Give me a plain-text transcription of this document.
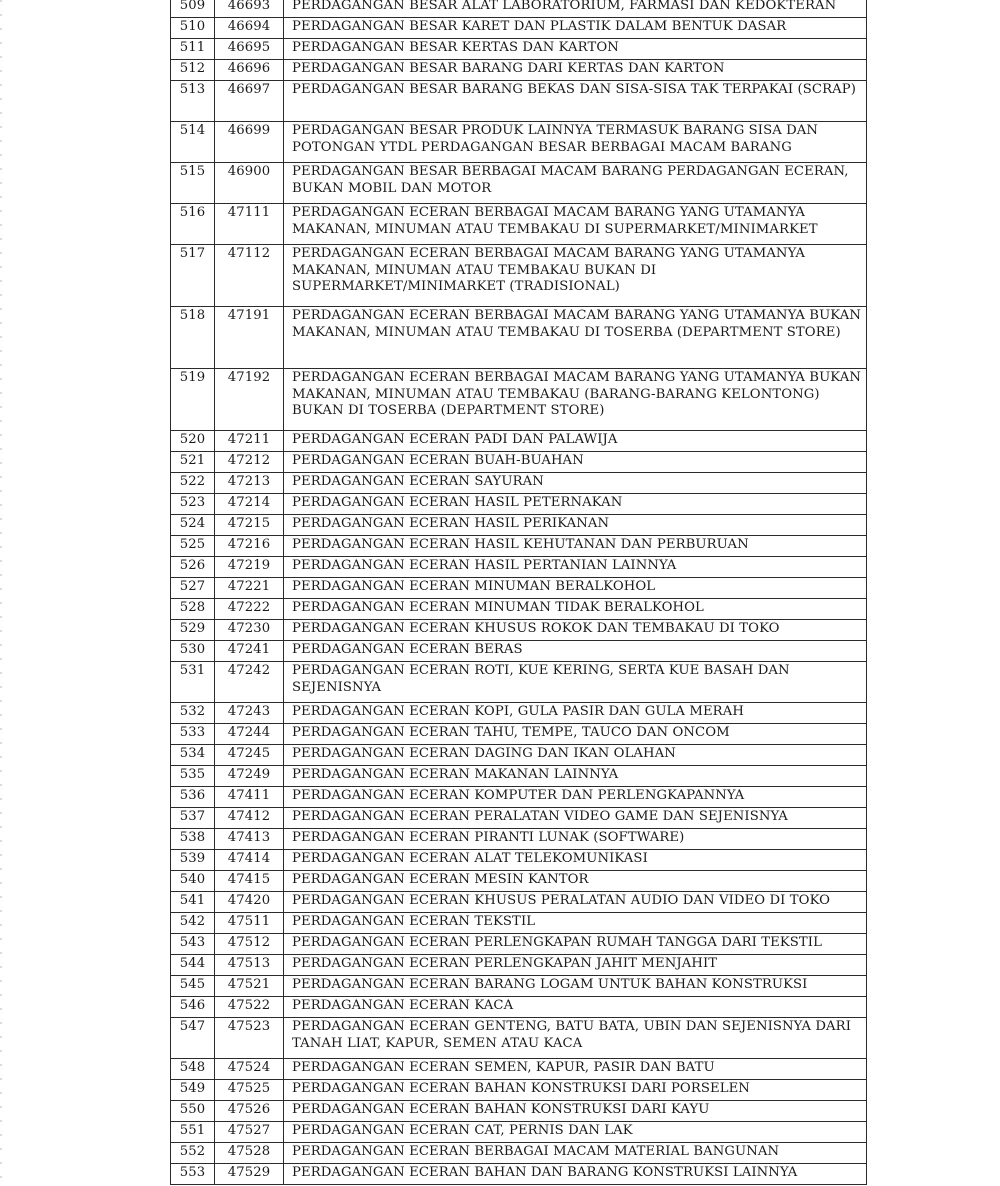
509	46693	PERDAGANGAN BESAR ALAT LABORATORIUM, FARMASI DAN KEDOKTERAN
510	46694	PERDAGANGAN BESAR KARET DAN PLASTIK DALAM BENTUK DASAR
511	46695	PERDAGANGAN BESAR KERTAS DAN KARTON
512	46696	PERDAGANGAN BESAR BARANG DARI KERTAS DAN KARTON
513	46697	PERDAGANGAN BESAR BARANG BEKAS DAN SISA-SISA TAK TERPAKAI (SCRAP)
514	46699	PERDAGANGAN BESAR PRODUK LAINNYA TERMASUK BARANG SISA DAN POTONGAN YTDL PERDAGANGAN BESAR BERBAGAI MACAM BARANG
515	46900	PERDAGANGAN BESAR BERBAGAI MACAM BARANG PERDAGANGAN ECERAN, BUKAN MOBIL DAN MOTOR
516	47111	PERDAGANGAN ECERAN BERBAGAI MACAM BARANG YANG UTAMANYA MAKANAN, MINUMAN ATAU TEMBAKAU DI SUPERMARKET/MINIMARKET
517	47112	PERDAGANGAN ECERAN BERBAGAI MACAM BARANG YANG UTAMANYA MAKANAN, MINUMAN ATAU TEMBAKAU BUKAN DI SUPERMARKET/MINIMARKET (TRADISIONAL)
518	47191	PERDAGANGAN ECERAN BERBAGAI MACAM BARANG YANG UTAMANYA BUKAN MAKANAN, MINUMAN ATAU TEMBAKAU DI TOSERBA (DEPARTMENT STORE)
519	47192	PERDAGANGAN ECERAN BERBAGAI MACAM BARANG YANG UTAMANYA BUKAN MAKANAN, MINUMAN ATAU TEMBAKAU (BARANG-BARANG KELONTONG) BUKAN DI TOSERBA (DEPARTMENT STORE)
520	47211	PERDAGANGAN ECERAN PADI DAN PALAWIJA
521	47212	PERDAGANGAN ECERAN BUAH-BUAHAN
522	47213	PERDAGANGAN ECERAN SAYURAN
523	47214	PERDAGANGAN ECERAN HASIL PETERNAKAN
524	47215	PERDAGANGAN ECERAN HASIL PERIKANAN
525	47216	PERDAGANGAN ECERAN HASIL KEHUTANAN DAN PERBURUAN
526	47219	PERDAGANGAN ECERAN HASIL PERTANIAN LAINNYA
527	47221	PERDAGANGAN ECERAN MINUMAN BERALKOHOL
528	47222	PERDAGANGAN ECERAN MINUMAN TIDAK BERALKOHOL
529	47230	PERDAGANGAN ECERAN KHUSUS ROKOK DAN TEMBAKAU DI TOKO
530	47241	PERDAGANGAN ECERAN BERAS
531	47242	PERDAGANGAN ECERAN ROTI, KUE KERING, SERTA KUE BASAH DAN SEJENISNYA
532	47243	PERDAGANGAN ECERAN KOPI, GULA PASIR DAN GULA MERAH
533	47244	PERDAGANGAN ECERAN TAHU, TEMPE, TAUCO DAN ONCOM
534	47245	PERDAGANGAN ECERAN DAGING DAN IKAN OLAHAN
535	47249	PERDAGANGAN ECERAN MAKANAN LAINNYA
536	47411	PERDAGANGAN ECERAN KOMPUTER DAN PERLENGKAPANNYA
537	47412	PERDAGANGAN ECERAN PERALATAN VIDEO GAME DAN SEJENISNYA
538	47413	PERDAGANGAN ECERAN PIRANTI LUNAK (SOFTWARE)
539	47414	PERDAGANGAN ECERAN ALAT TELEKOMUNIKASI
540	47415	PERDAGANGAN ECERAN MESIN KANTOR
541	47420	PERDAGANGAN ECERAN KHUSUS PERALATAN AUDIO DAN VIDEO DI TOKO
542	47511	PERDAGANGAN ECERAN TEKSTIL
543	47512	PERDAGANGAN ECERAN PERLENGKAPAN RUMAH TANGGA DARI TEKSTIL
544	47513	PERDAGANGAN ECERAN PERLENGKAPAN JAHIT MENJAHIT
545	47521	PERDAGANGAN ECERAN BARANG LOGAM UNTUK BAHAN KONSTRUKSI
546	47522	PERDAGANGAN ECERAN KACA
547	47523	PERDAGANGAN ECERAN GENTENG, BATU BATA, UBIN DAN SEJENISNYA DARI TANAH LIAT, KAPUR, SEMEN ATAU KACA
548	47524	PERDAGANGAN ECERAN SEMEN, KAPUR, PASIR DAN BATU
549	47525	PERDAGANGAN ECERAN BAHAN KONSTRUKSI DARI PORSELEN
550	47526	PERDAGANGAN ECERAN BAHAN KONSTRUKSI DARI KAYU
551	47527	PERDAGANGAN ECERAN CAT, PERNIS DAN LAK
552	47528	PERDAGANGAN ECERAN BERBAGAI MACAM MATERIAL BANGUNAN
553	47529	PERDAGANGAN ECERAN BAHAN DAN BARANG KONSTRUKSI LAINNYA
